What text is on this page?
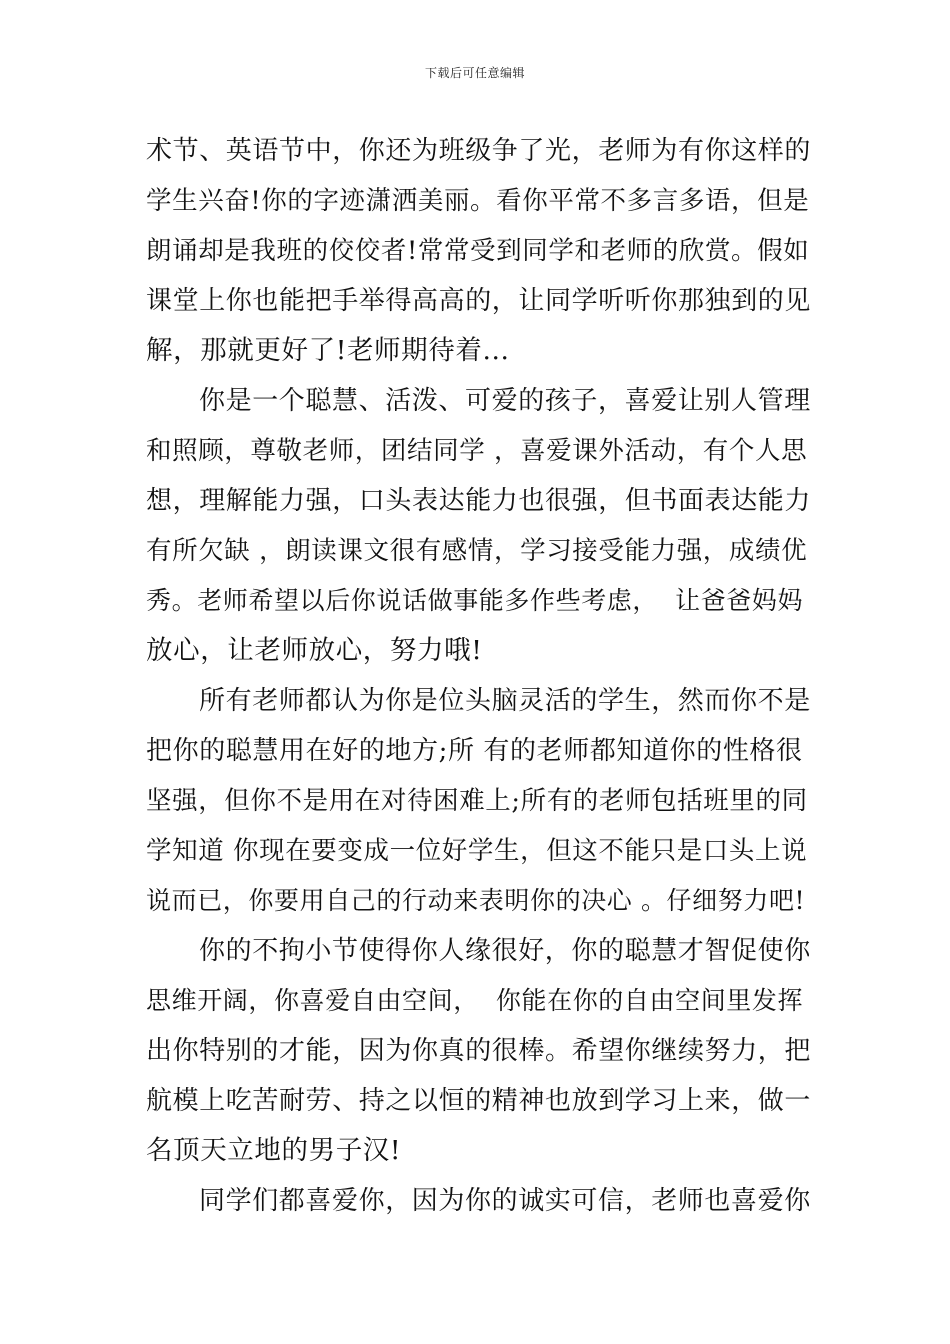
下载后可任意编辑
术节、英语节中，你还为班级争了光，老师为有你这样的
学生兴奋!你的字迹潇洒美丽。看你平常不多言多语，但是
朗诵却是我班的佼佼者!常常受到同学和老师的欣赏。假如
课堂上你也能把手举得高高的，让同学听听你那独到的见
解，那就更好了!老师期待着...
你是一个聪慧、活泼、可爱的孩子，喜爱让别人管理
和照顾，尊敬老师，团结同学 ，喜爱课外活动，有个人思
想，理解能力强，口头表达能力也很强，但书面表达能力
有所欠缺 ，朗读课文很有感情，学习接受能力强，成绩优
秀。老师希望以后你说话做事能多作些考虑，  让爸爸妈妈
放心，让老师放心，努力哦!
所有老师都认为你是位头脑灵活的学生，然而你不是
把你的聪慧用在好的地方;所 有的老师都知道你的性格很
坚强，但你不是用在对待困难上;所有的老师包括班里的同
学知道 你现在要变成一位好学生，但这不能只是口头上说
说而已，你要用自己的行动来表明你的决心 。仔细努力吧!
你的不拘小节使得你人缘很好，你的聪慧才智促使你
思维开阔，你喜爱自由空间，  你能在你的自由空间里发挥
出你特别的才能，因为你真的很棒。希望你继续努力，把
航模上吃苦耐劳、持之以恒的精神也放到学习上来，做一
名顶天立地的男子汉!
同学们都喜爱你，因为你的诚实可信，老师也喜爱你
